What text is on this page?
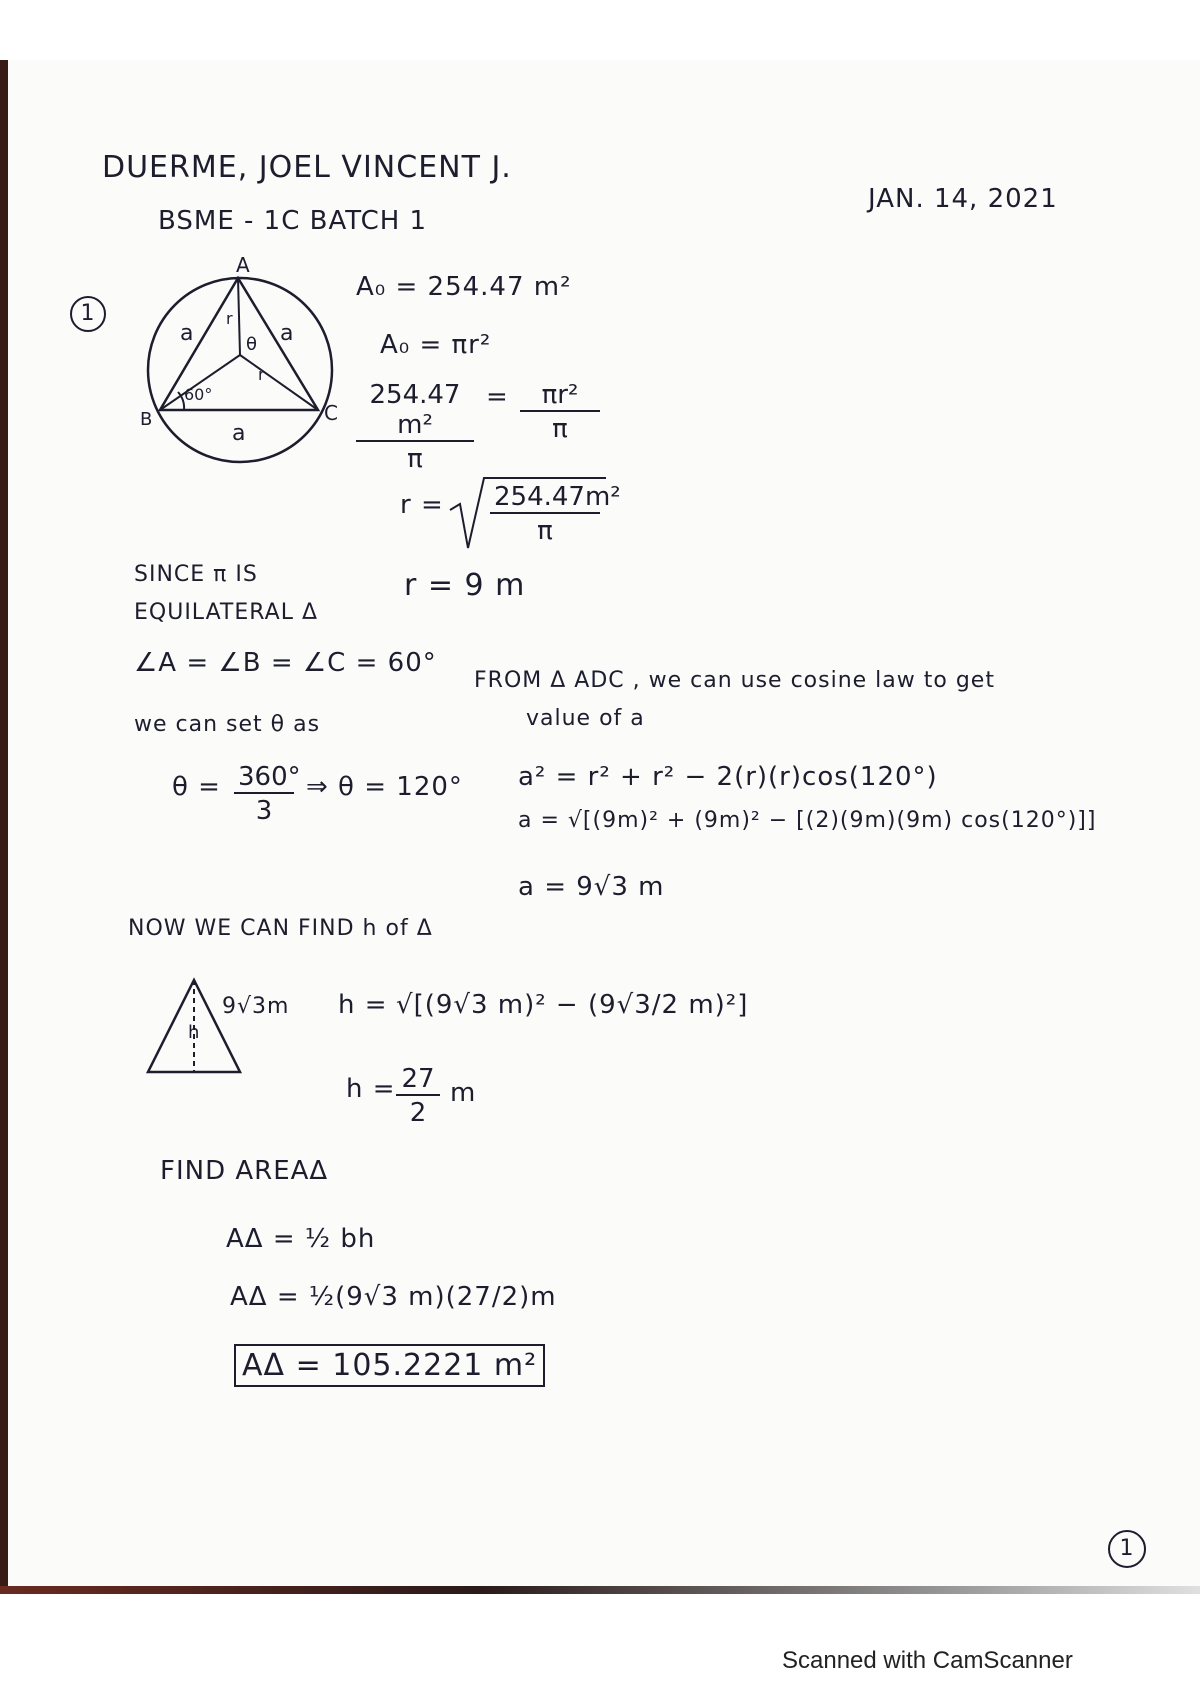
DUERME, JOEL VINCENT J.
BSME - 1C BATCH 1
JAN. 14, 2021
1
A
B	C
a	a
a
r
r
θ
60°
A₀ = 254.47 m²
A₀ = πr²
$\frac{\text{254.47 m²}}{\pi} = \frac{\text{πr²}}{\pi}$
$r = \frac{\text{254.47m²}}{\pi}$
r = 9 m
SINCE π IS
EQUILATERAL Δ
∠A = ∠B = ∠C = 60°
we can set θ as
$\theta = \frac{360^\circ}{3}$ ⇒ θ = 120°
FROM Δ ADC , we can use cosine law to get
value of a
a² = r² + r² − 2(r)(r)cos(120°)
a = √[(9m)² + (9m)² − [(2)(9m)(9m) cos(120°)]]
a = 9√3 m
NOW WE CAN FIND h of Δ
h
9√3m h = √[(9√3 m)² − (9√3/2 m)²]
$h = \frac{27}{2}$ m
FIND AREAΔ
AΔ = ½ bh
AΔ = ½(9√3 m)(27/2)m
AΔ = 105.2221 m²
1
Scanned with CamScanner
